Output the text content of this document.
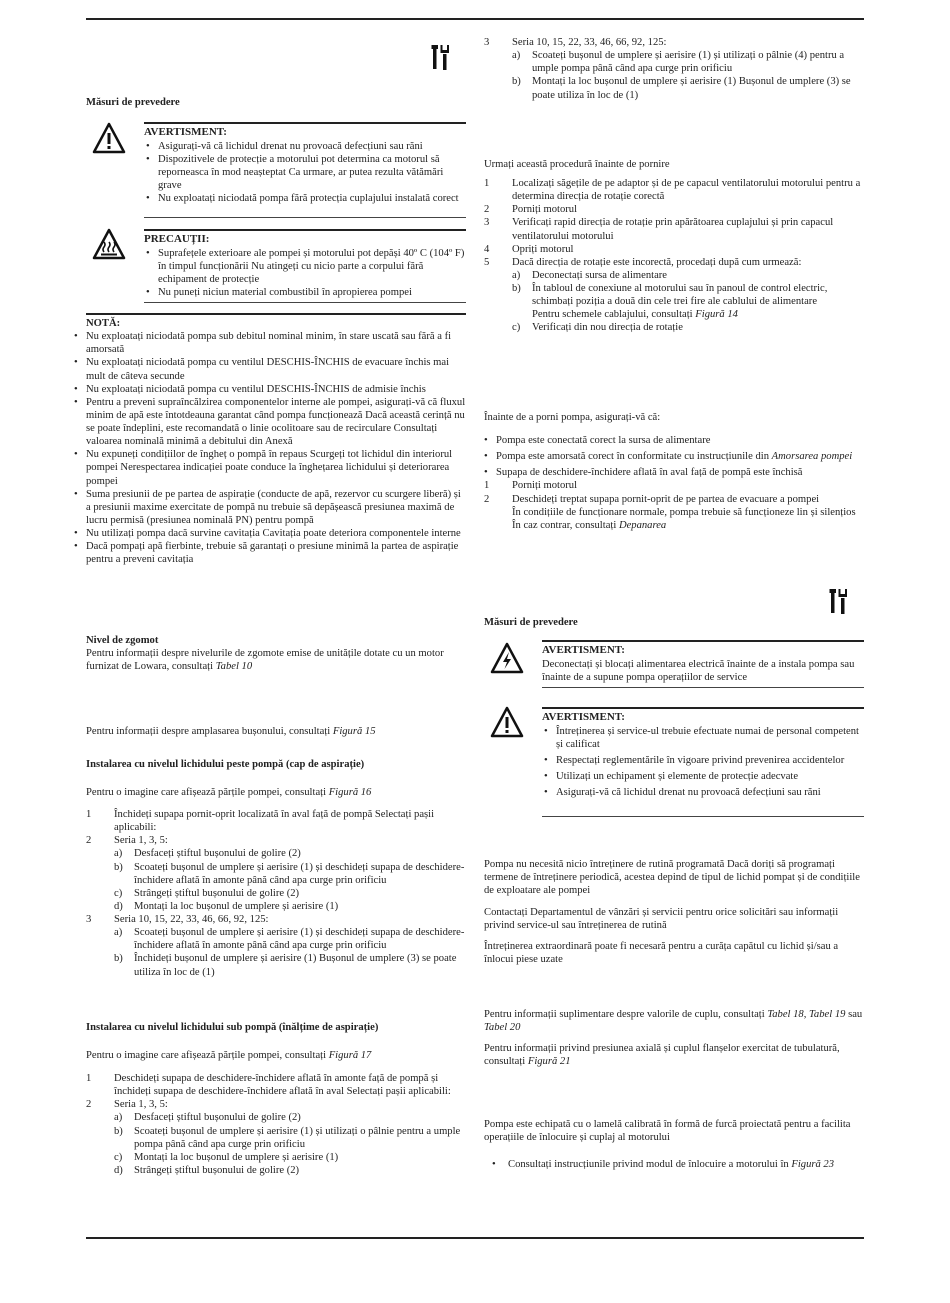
Măsuri de prevedere
AVERTISMENT:
• Asigurați-vă că lichidul drenat nu provoacă defecțiuni sau răni
• Dispozitivele de protecție a motorului pot determina ca motorul să reporneasca în mod neașteptat Ca urmare, ar putea rezulta vătămări grave
• Nu exploatați niciodată pompa fără protecția cuplajului instalată corect
PRECAUȚII:
• Suprafețele exterioare ale pompei și motorului pot depăși 40º C (104º F) în timpul funcționării Nu atingeți cu nicio parte a corpului fără echipament de protecție
• Nu puneți niciun material combustibil în apropierea pompei
NOTĂ:
• Nu exploatați niciodată pompa sub debitul nominal minim, în stare uscată sau fără a fi amorsată
• Nu exploatați niciodată pompa cu ventilul DESCHIS-ÎNCHIS de evacuare închis mai mult de câteva secunde
• Nu exploatați niciodată pompa cu ventilul DESCHIS-ÎNCHIS de admisie închis
• Pentru a preveni supraîncălzirea componentelor interne ale pompei, asigurați-vă că fluxul minim de apă este întotdeauna garantat când pompa funcționează Dacă această cerință nu se poate îndeplini, este recomandată o linie ocolitoare sau de recirculare Consultați valoarea nominală minimă a debitului din Anexă
• Nu expuneți condițiilor de îngheț o pompă în repaus Scurgeți tot lichidul din interiorul pompei Nerespectarea indicației poate conduce la înghețarea lichidului și deteriorarea pompei
• Suma presiunii de pe partea de aspirație (conducte de apă, rezervor cu scurgere liberă) și a presiunii maxime exercitate de pompă nu trebuie să depășească presiunea maximă de lucru permisă (presiunea nominală PN) pentru pompă
• Nu utilizați pompa dacă survine cavitația Cavitația poate deteriora componentele interne
• Dacă pompați apă fierbinte, trebuie să garantați o presiune minimă la partea de aspirație pentru a preveni cavitația
Nivel de zgomot
Pentru informații despre nivelurile de zgomote emise de unitățile dotate cu un motor furnizat de Lowara, consultați Tabel 10
Pentru informații despre amplasarea bușonului, consultați Figură 15
Instalarea cu nivelul lichidului peste pompă (cap de aspirație)
Pentru o imagine care afișează părțile pompei, consultați Figură 16
1 Închideți supapa pornit-oprit localizată în aval față de pompă Selectați pașii aplicabili:
2 Seria 1, 3, 5:
a) Desfaceți știftul bușonului de golire (2)
b) Scoateți bușonul de umplere și aerisire (1) și deschideți supapa de deschidere-închidere aflată în amonte până când apa curge prin orificiu
c) Strângeți știftul bușonului de golire (2)
d) Montați la loc bușonul de umplere și aerisire (1)
3 Seria 10, 15, 22, 33, 46, 66, 92, 125:
a) Scoateți bușonul de umplere și aerisire (1) și deschideți supapa de deschidere-închidere aflată în amonte până când apa curge prin orificiu
b) Închideți bușonul de umplere și aerisire (1) Bușonul de umplere (3) se poate utiliza în loc de (1)
Instalarea cu nivelul lichidului sub pompă (înălțime de aspirație)
Pentru o imagine care afișează părțile pompei, consultați Figură 17
1 Deschideți supapa de deschidere-închidere aflată în amonte față de pompă și închideți supapa de deschidere-închidere aflată în aval Selectați pașii aplicabili:
2 Seria 1, 3, 5:
a) Desfaceți știftul bușonului de golire (2)
b) Scoateți bușonul de umplere și aerisire (1) și utilizați o pâlnie pentru a umple pompa până când apa curge prin orificiu
c) Montați la loc bușonul de umplere și aerisire (1)
d) Strângeți știftul bușonului de golire (2)
3 Seria 10, 15, 22, 33, 46, 66, 92, 125:
a) Scoateți bușonul de umplere și aerisire (1) și utilizați o pâlnie (4) pentru a umple pompa până când apa curge prin orificiu
b) Montați la loc bușonul de umplere și aerisire (1) Bușonul de umplere (3) se poate utiliza în loc de (1)
Urmați această procedură înainte de pornire
1 Localizați săgețile de pe adaptor și de pe capacul ventilatorului motorului pentru a determina direcția de rotație corectă
2 Porniți motorul
3 Verificați rapid direcția de rotație prin apărătoarea cuplajului și prin capacul ventilatorului motorului
4 Opriți motorul
5 Dacă direcția de rotație este incorectă, procedați după cum urmează:
a) Deconectați sursa de alimentare
b) În tabloul de conexiune al motorului sau în panoul de control electric, schimbați poziția a două din cele trei fire ale cablului de alimentare
Pentru schemele cablajului, consultați Figură 14
c) Verificați din nou direcția de rotație
Înainte de a porni pompa, asigurați-vă că:
• Pompa este conectată corect la sursa de alimentare
• Pompa este amorsată corect în conformitate cu instrucțiunile din Amorsarea pompei
• Supapa de deschidere-închidere aflată în aval față de pompă este închisă
1 Porniți motorul
2 Deschideți treptat supapa pornit-oprit de pe partea de evacuare a pompei
În condițiile de funcționare normale, pompa trebuie să funcționeze lin și silențios În caz contrar, consultați Depanarea
Măsuri de prevedere
AVERTISMENT:
Deconectați și blocați alimentarea electrică înainte de a instala pompa sau înainte de a supune pompa operațiilor de service
AVERTISMENT:
• Întreținerea și service-ul trebuie efectuate numai de personal competent și calificat
• Respectați reglementările în vigoare privind prevenirea accidentelor
• Utilizați un echipament și elemente de protecție adecvate
• Asigurați-vă că lichidul drenat nu provoacă defecțiuni sau răni
Pompa nu necesită nicio întreținere de rutină programată Dacă doriți să programați termene de întreținere periodică, acestea depind de tipul de lichid pompat și de condițiile de exploatare ale pompei
Contactați Departamentul de vânzări și servicii pentru orice solicitări sau informații privind service-ul sau întreținerea de rutină
Întreținerea extraordinară poate fi necesară pentru a curăța capătul cu lichid și/sau a înlocui piese uzate
Pentru informații suplimentare despre valorile de cuplu, consultați Tabel 18, Tabel 19 sau Tabel 20
Pentru informații privind presiunea axială și cuplul flanșelor exercitat de tubulatură, consultați Figură 21
Pompa este echipată cu o lamelă calibrată în formă de furcă proiectată pentru a facilita operațiile de înlocuire și cuplaj al motorului
• Consultați instrucțiunile privind modul de înlocuire a motorului în Figură 23
